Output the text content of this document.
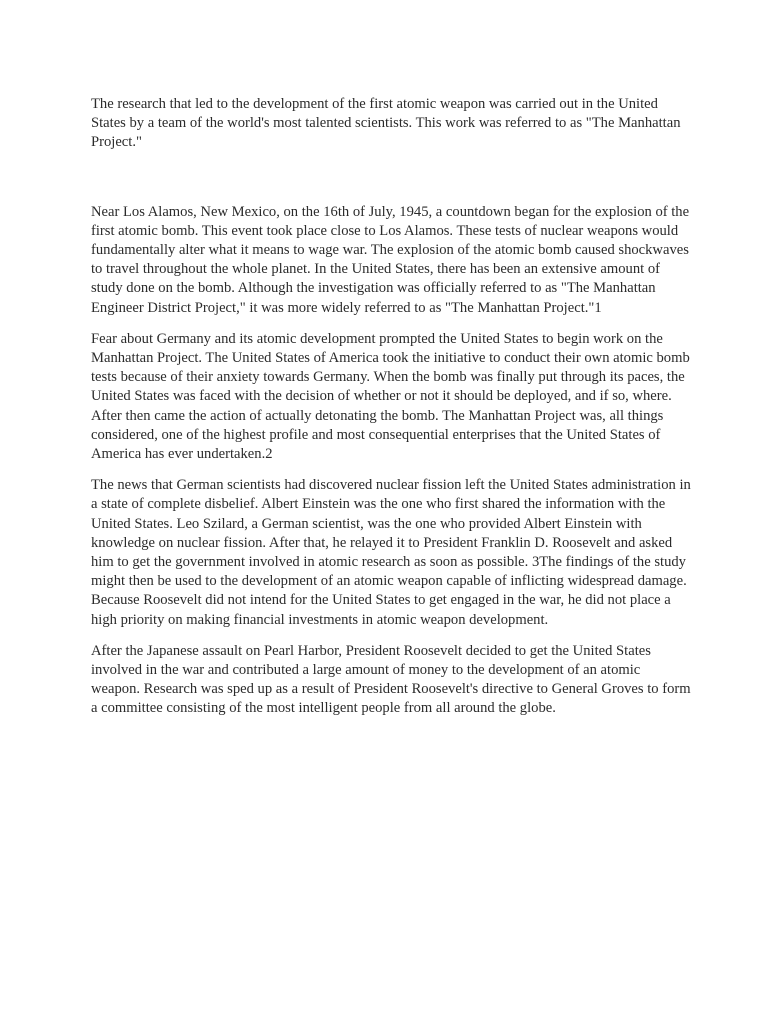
The research that led to the development of the first atomic weapon was carried out in the United States by a team of the world's most talented scientists. This work was referred to as "The Manhattan Project."

Near Los Alamos, New Mexico, on the 16th of July, 1945, a countdown began for the explosion of the first atomic bomb. This event took place close to Los Alamos. These tests of nuclear weapons would fundamentally alter what it means to wage war. The explosion of the atomic bomb caused shockwaves to travel throughout the whole planet. In the United States, there has been an extensive amount of study done on the bomb. Although the investigation was officially referred to as "The Manhattan Engineer District Project," it was more widely referred to as "The Manhattan Project."1

Fear about Germany and its atomic development prompted the United States to begin work on the Manhattan Project. The United States of America took the initiative to conduct their own atomic bomb tests because of their anxiety towards Germany. When the bomb was finally put through its paces, the United States was faced with the decision of whether or not it should be deployed, and if so, where. After then came the action of actually detonating the bomb. The Manhattan Project was, all things considered, one of the highest profile and most consequential enterprises that the United States of America has ever undertaken.2

The news that German scientists had discovered nuclear fission left the United States administration in a state of complete disbelief. Albert Einstein was the one who first shared the information with the United States. Leo Szilard, a German scientist, was the one who provided Albert Einstein with knowledge on nuclear fission. After that, he relayed it to President Franklin D. Roosevelt and asked him to get the government involved in atomic research as soon as possible. 3The findings of the study might then be used to the development of an atomic weapon capable of inflicting widespread damage. Because Roosevelt did not intend for the United States to get engaged in the war, he did not place a high priority on making financial investments in atomic weapon development.

After the Japanese assault on Pearl Harbor, President Roosevelt decided to get the United States involved in the war and contributed a large amount of money to the development of an atomic weapon. Research was sped up as a result of President Roosevelt's directive to General Groves to form a committee consisting of the most intelligent people from all around the globe.
